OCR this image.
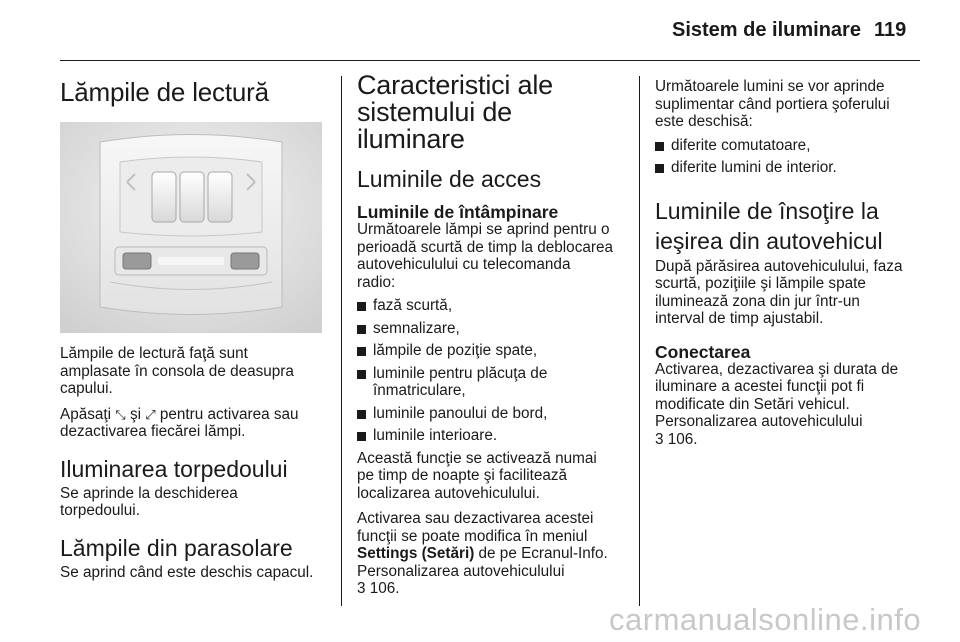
Sistem de iluminare 119
Lămpile de lectură
Lămpile de lectură faţă sunt
amplasate în consola de deasupra
capului.
Apăsaţi ⤡ şi ⤢ pentru activarea sau
dezactivarea fiecărei lămpi.
Iluminarea torpedoului
Se aprinde la deschiderea
torpedoului.
Lămpile din parasolare
Se aprind când este deschis capacul.
Caracteristici ale
sistemului de iluminare
Luminile de acces
Luminile de întâmpinare
Următoarele lămpi se aprind pentru o
perioadă scurtă de timp la deblocarea
autovehiculului cu telecomanda
radio:
fază scurtă,
semnalizare,
lămpile de poziţie spate,
luminile pentru plăcuţa de înmatriculare,
luminile panoului de bord,
luminile interioare.
Această funcţie se activează numai
pe timp de noapte şi facilitează
localizarea autovehiculului.
Activarea sau dezactivarea acestei
funcţii se poate modifica în meniul
Settings (Setări) de pe Ecranul-Info.
Personalizarea autovehiculului
3 106.
Următoarele lumini se vor aprinde
suplimentar când portiera şoferului
este deschisă:
diferite comutatoare,
diferite lumini de interior.
Luminile de însoţire la
ieşirea din autovehicul
După părăsirea autovehiculului, faza
scurtă, poziţiile şi lămpile spate
iluminează zona din jur într-un
interval de timp ajustabil.
Conectarea
Activarea, dezactivarea şi durata de
iluminare a acestei funcţii pot fi
modificate din Setări vehicul.
Personalizarea autovehiculului
3 106.
carmanualsonline.info
